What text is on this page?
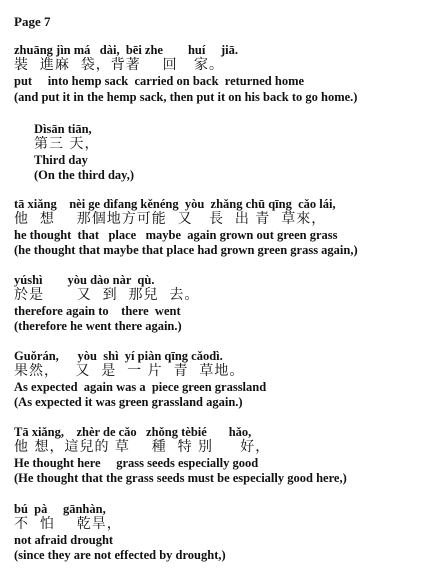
Page 7
zhuāng jìn má   dài,  bēi zhe        huí     jiā.
裝  進麻  袋，背著    回   家。
put     into hemp sack  carried on back  returned home
(and put it in the hemp sack, then put it on his back to go home.)
Dìsān tiān,
第三 天，
Third day
(On the third day,)
tā xiǎng    nèi ge dìfang kěnéng  yòu  zhǎng chū qīng  cǎo lái,
他  想    那個地方可能  又   長  出 青  草來，
he thought  that   place   maybe  again grown out green grass
(he thought that maybe that place had grown green grass again,)
yúshì        yòu dào nàr  qù.
於是      又  到  那兒  去。
therefore again to    there  went
(therefore he went there again.)
Guǒrán,      yòu  shì  yí piàn qīng cǎodì.
果然，   又  是  一 片  青  草地。
As expected  again was a  piece green grassland
(As expected it was green grassland again.)
Tā xiǎng,    zhèr de cǎo   zhǒng tèbié       hǎo,
他 想，這兒的 草    種  特 別     好，
He thought here     grass seeds especially good
(He thought that the grass seeds must be especially good here,)
bú  pà     gānhàn,
不  怕    乾旱，
not afraid drought
(since they are not effected by drought,)
